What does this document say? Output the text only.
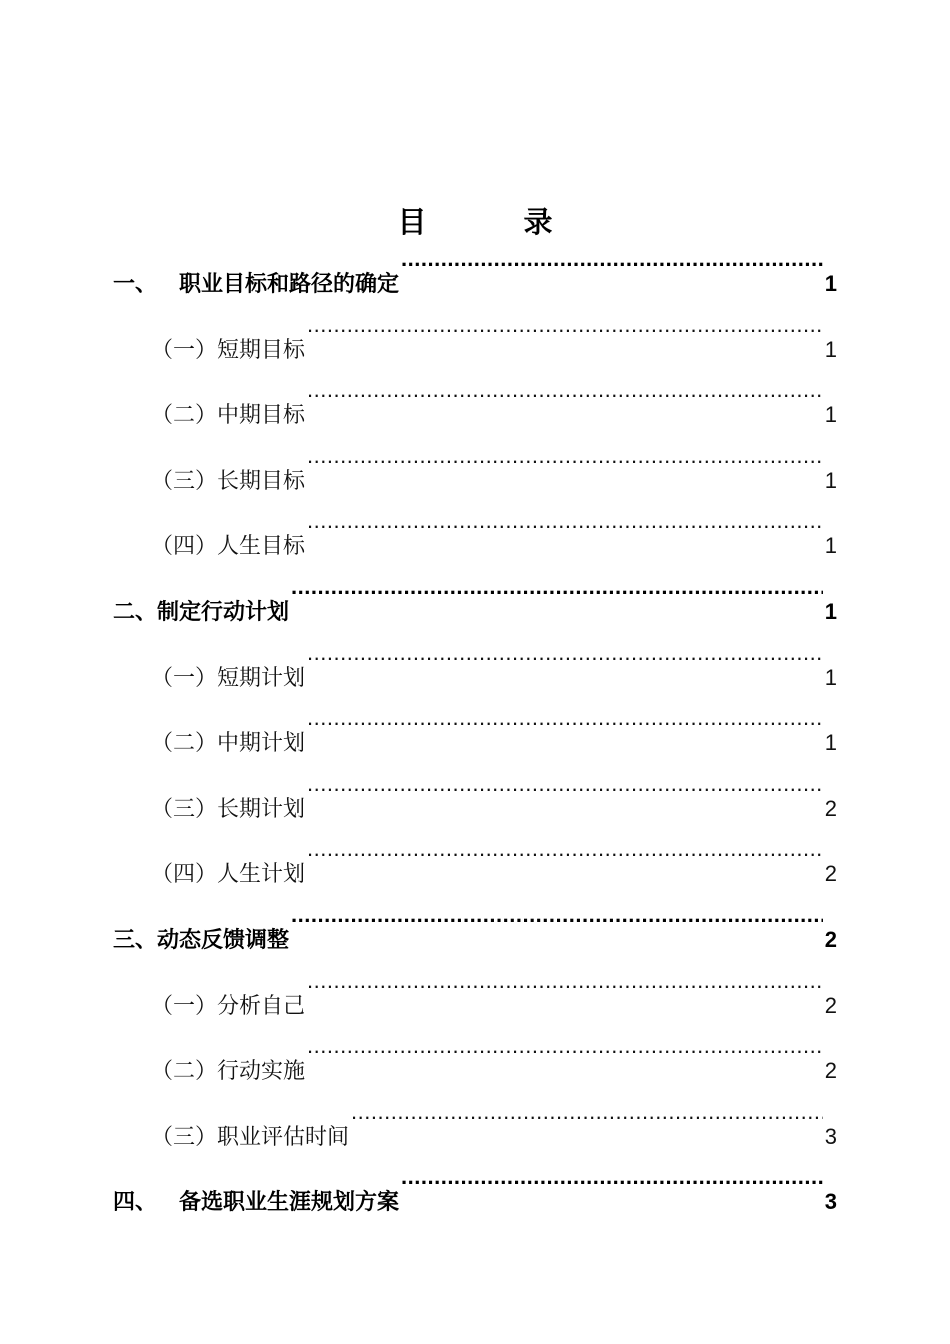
目　录
一、 职业目标和路径的确定 .....	1
（一）短期目标 .....	1
（二）中期目标 .....	1
（三）长期目标 .....	1
（四）人生目标 .....	1
二、制定行动计划 .....	1
（一）短期计划 .....	1
（二）中期计划 .....	1
（三）长期计划 .....	2
（四）人生计划 .....	2
三、动态反馈调整 .....	2
（一）分析自己 .....	2
（二）行动实施 .....	2
（三）职业评估时间 .....	3
四、 备选职业生涯规划方案 .....	3
